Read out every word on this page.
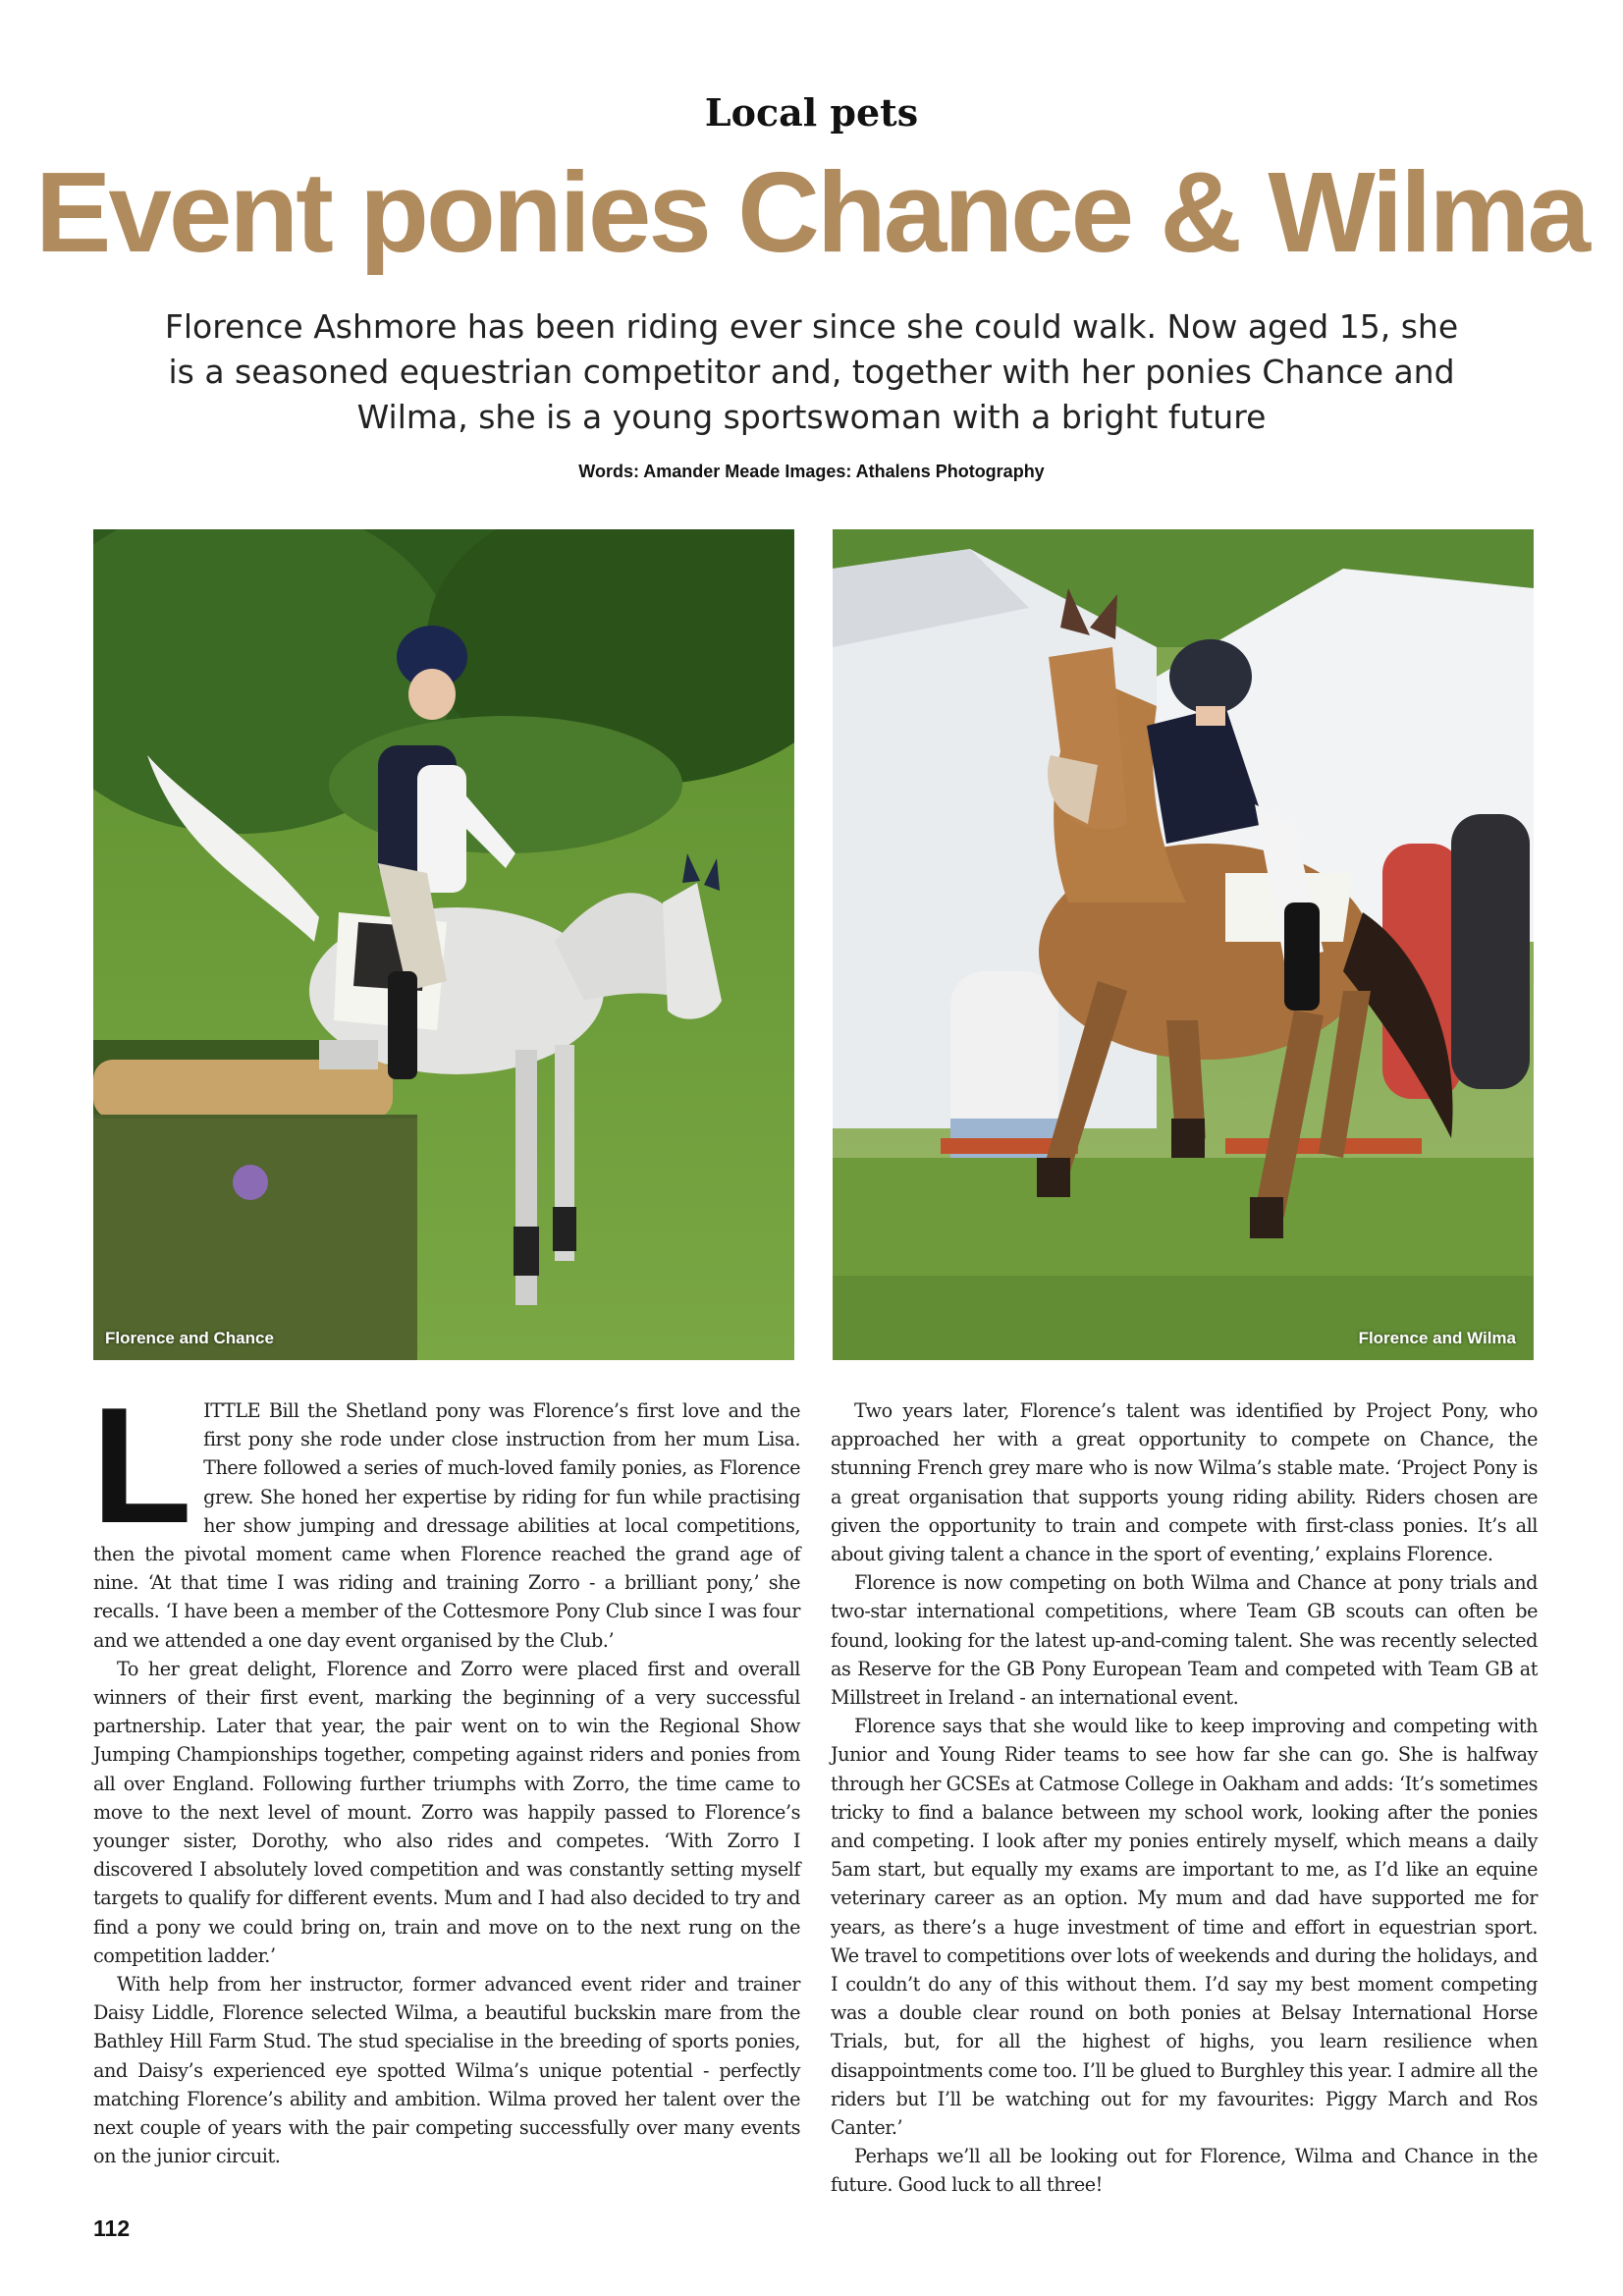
Local pets
Event ponies Chance & Wilma
Florence Ashmore has been riding ever since she could walk. Now aged 15, she is a seasoned equestrian competitor and, together with her ponies Chance and Wilma, she is a young sportswoman with a bright future
Words: Amander Meade Images: Athalens Photography
Florence and Chance	Florence and Wilma

LITTLE Bill the Shetland pony was Florence’s first love and the first pony she rode under close instruction from her mum Lisa. There followed a series of much-loved family ponies, as Florence grew. She honed her expertise by riding for fun while practising her show jumping and dressage abilities at local competitions, then the pivotal moment came when Florence reached the grand age of nine. ‘At that time I was riding and training Zorro - a brilliant pony,’ she recalls. ‘I have been a member of the Cottesmore Pony Club since I was four and we attended a one day event organised by the Club.’

To her great delight, Florence and Zorro were placed first and overall winners of their first event, marking the beginning of a very successful partnership. Later that year, the pair went on to win the Regional Show Jumping Championships together, competing against riders and ponies from all over England. Following further triumphs with Zorro, the time came to move to the next level of mount. Zorro was happily passed to Florence’s younger sister, Dorothy, who also rides and competes. ‘With Zorro I discovered I absolutely loved competition and was constantly setting myself targets to qualify for different events. Mum and I had also decided to try and find a pony we could bring on, train and move on to the next rung on the competition ladder.’

With help from her instructor, former advanced event rider and trainer Daisy Liddle, Florence selected Wilma, a beautiful buckskin mare from the Bathley Hill Farm Stud. The stud specialise in the breeding of sports ponies, and Daisy’s experienced eye spotted Wilma’s unique potential - perfectly matching Florence’s ability and ambition. Wilma proved her talent over the next couple of years with the pair competing successfully over many events on the junior circuit.

Two years later, Florence’s talent was identified by Project Pony, who approached her with a great opportunity to compete on Chance, the stunning French grey mare who is now Wilma’s stable mate. ‘Project Pony is a great organisation that supports young riding ability. Riders chosen are given the opportunity to train and compete with first-class ponies. It’s all about giving talent a chance in the sport of eventing,’ explains Florence.

Florence is now competing on both Wilma and Chance at pony trials and two-star international competitions, where Team GB scouts can often be found, looking for the latest up-and-coming talent. She was recently selected as Reserve for the GB Pony European Team and competed with Team GB at Millstreet in Ireland - an international event.

Florence says that she would like to keep improving and competing with Junior and Young Rider teams to see how far she can go. She is halfway through her GCSEs at Catmose College in Oakham and adds: ‘It’s sometimes tricky to find a balance between my school work, looking after the ponies and competing. I look after my ponies entirely myself, which means a daily 5am start, but equally my exams are important to me, as I’d like an equine veterinary career as an option. My mum and dad have supported me for years, as there’s a huge investment of time and effort in equestrian sport. We travel to competitions over lots of weekends and during the holidays, and I couldn’t do any of this without them. I’d say my best moment competing was a double clear round on both ponies at Belsay International Horse Trials, but, for all the highest of highs, you learn resilience when disappointments come too. I’ll be glued to Burghley this year. I admire all the riders but I’ll be watching out for my favourites: Piggy March and Ros Canter.’

Perhaps we’ll all be looking out for Florence, Wilma and Chance in the future. Good luck to all three!

112
